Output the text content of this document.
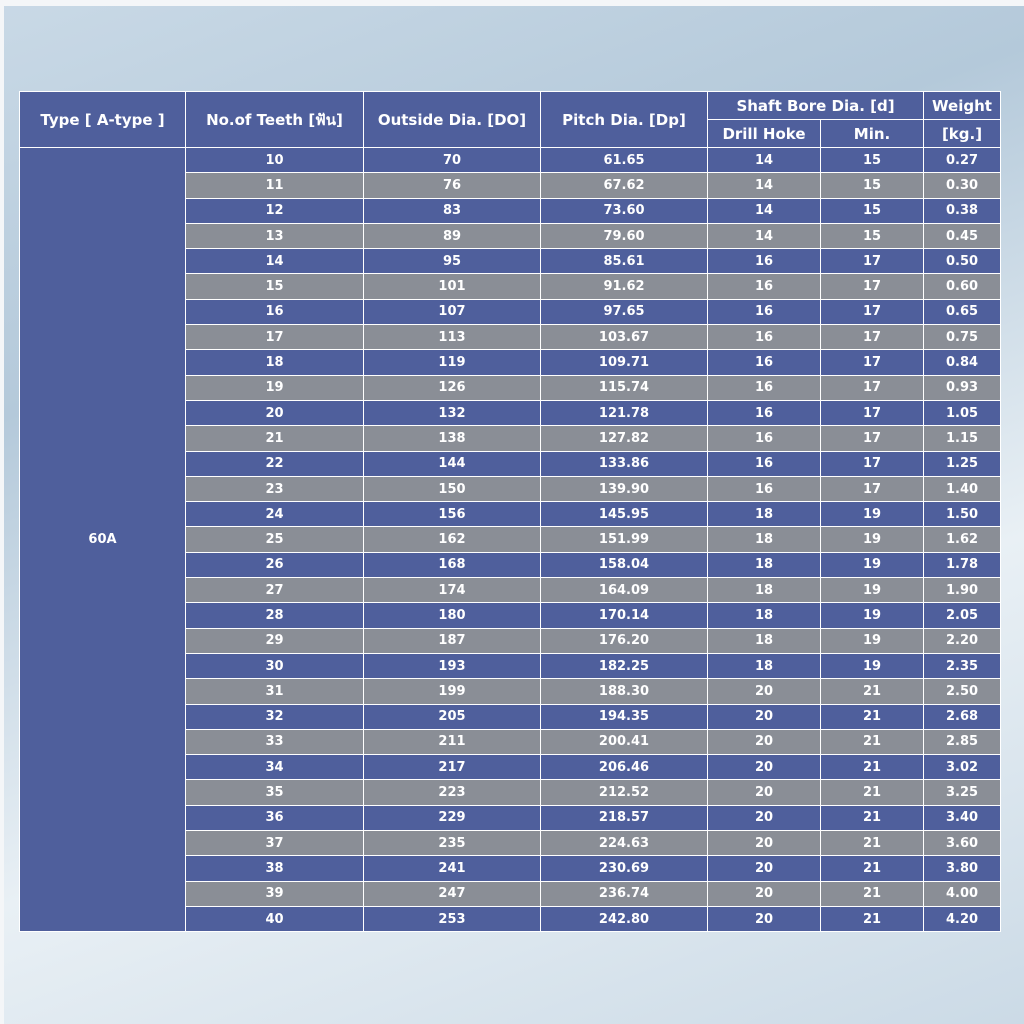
Type [ A-type ]	No.of Teeth [ฟัน]	Outside Dia. [DO]	Pitch Dia. [Dp]	Shaft Bore Dia. [d]		Weight
				Drill Hoke	Min.	[kg.]
60A	10	70	61.65	14	15	0.27
	11	76	67.62	14	15	0.30
	12	83	73.60	14	15	0.38
	13	89	79.60	14	15	0.45
	14	95	85.61	16	17	0.50
	15	101	91.62	16	17	0.60
	16	107	97.65	16	17	0.65
	17	113	103.67	16	17	0.75
	18	119	109.71	16	17	0.84
	19	126	115.74	16	17	0.93
	20	132	121.78	16	17	1.05
	21	138	127.82	16	17	1.15
	22	144	133.86	16	17	1.25
	23	150	139.90	16	17	1.40
	24	156	145.95	18	19	1.50
	25	162	151.99	18	19	1.62
	26	168	158.04	18	19	1.78
	27	174	164.09	18	19	1.90
	28	180	170.14	18	19	2.05
	29	187	176.20	18	19	2.20
	30	193	182.25	18	19	2.35
	31	199	188.30	20	21	2.50
	32	205	194.35	20	21	2.68
	33	211	200.41	20	21	2.85
	34	217	206.46	20	21	3.02
	35	223	212.52	20	21	3.25
	36	229	218.57	20	21	3.40
	37	235	224.63	20	21	3.60
	38	241	230.69	20	21	3.80
	39	247	236.74	20	21	4.00
	40	253	242.80	20	21	4.20
